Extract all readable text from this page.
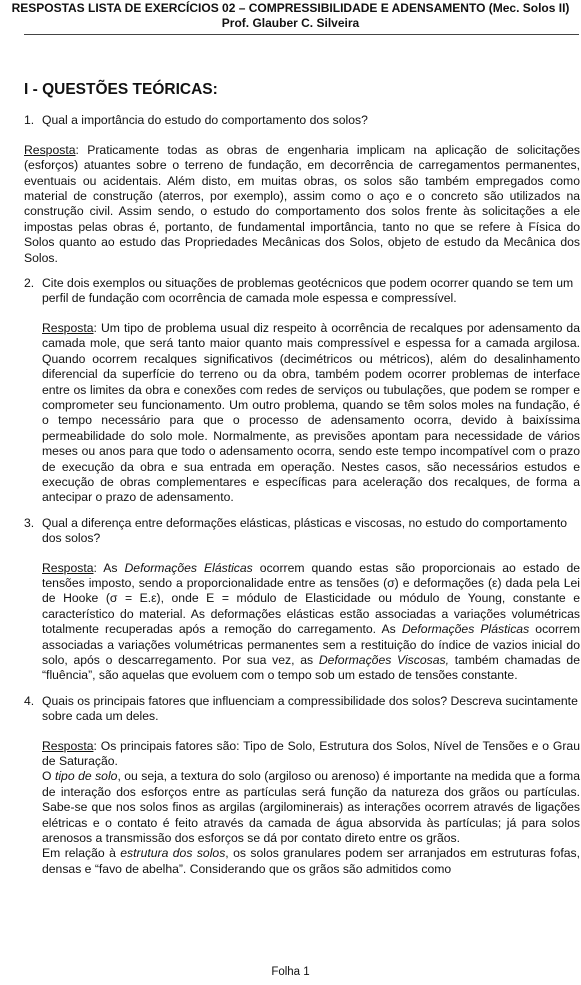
RESPOSTAS LISTA DE EXERCÍCIOS 02 – COMPRESSIBILIDADE E ADENSAMENTO (Mec. Solos II)
Prof. Glauber C. Silveira
I - QUESTÕES TEÓRICAS:
1. Qual a importância do estudo do comportamento dos solos?

Resposta: Praticamente todas as obras de engenharia implicam na aplicação de solicitações (esforços) atuantes sobre o terreno de fundação, em decorrência de carregamentos permanentes, eventuais ou acidentais. Além disto, em muitas obras, os solos são também empregados como material de construção (aterros, por exemplo), assim como o aço e o concreto são utilizados na construção civil. Assim sendo, o estudo do comportamento dos solos frente às solicitações a ele impostas pelas obras é, portanto, de fundamental importância, tanto no que se refere à Física do Solos quanto ao estudo das Propriedades Mecânicas dos Solos, objeto de estudo da Mecânica dos Solos.

2. Cite dois exemplos ou situações de problemas geotécnicos que podem ocorrer quando se tem um perfil de fundação com ocorrência de camada mole espessa e compressível.

Resposta: Um tipo de problema usual diz respeito à ocorrência de recalques por adensamento da camada mole, que será tanto maior quanto mais compressível e espessa for a camada argilosa. Quando ocorrem recalques significativos (decimétricos ou métricos), além do desalinhamento diferencial da superfície do terreno ou da obra, também podem ocorrer problemas de interface entre os limites da obra e conexões com redes de serviços ou tubulações, que podem se romper e comprometer seu funcionamento. Um outro problema, quando se têm solos moles na fundação, é o tempo necessário para que o processo de adensamento ocorra, devido à baixíssima permeabilidade do solo mole. Normalmente, as previsões apontam para necessidade de vários meses ou anos para que todo o adensamento ocorra, sendo este tempo incompatível com o prazo de execução da obra e sua entrada em operação. Nestes casos, são necessários estudos e execução de obras complementares e específicas para aceleração dos recalques, de forma a antecipar o prazo de adensamento.

3. Qual a diferença entre deformações elásticas, plásticas e viscosas, no estudo do comportamento dos solos?

Resposta: As Deformações Elásticas ocorrem quando estas são proporcionais ao estado de tensões imposto, sendo a proporcionalidade entre as tensões (σ) e deformações (ε) dada pela Lei de Hooke (σ = E.ε), onde E = módulo de Elasticidade ou módulo de Young, constante e característico do material. As deformações elásticas estão associadas a variações volumétricas totalmente recuperadas após a remoção do carregamento. As Deformações Plásticas ocorrem associadas a variações volumétricas permanentes sem a restituição do índice de vazios inicial do solo, após o descarregamento. Por sua vez, as Deformações Viscosas, também chamadas de “fluência”, são aquelas que evoluem com o tempo sob um estado de tensões constante.

4. Quais os principais fatores que influenciam a compressibilidade dos solos? Descreva sucintamente sobre cada um deles.

Resposta: Os principais fatores são: Tipo de Solo, Estrutura dos Solos, Nível de Tensões e o Grau de Saturação.

O tipo de solo, ou seja, a textura do solo (argiloso ou arenoso) é importante na medida que a forma de interação dos esforços entre as partículas será função da natureza dos grãos ou partículas. Sabe-se que nos solos finos as argilas (argilominerais) as interações ocorrem através de ligações elétricas e o contato é feito através da camada de água absorvida às partículas; já para solos arenosos a transmissão dos esforços se dá por contato direto entre os grãos.

Em relação à estrutura dos solos, os solos granulares podem ser arranjados em estruturas fofas, densas e “favo de abelha”. Considerando que os grãos são admitidos como

Folha 1
